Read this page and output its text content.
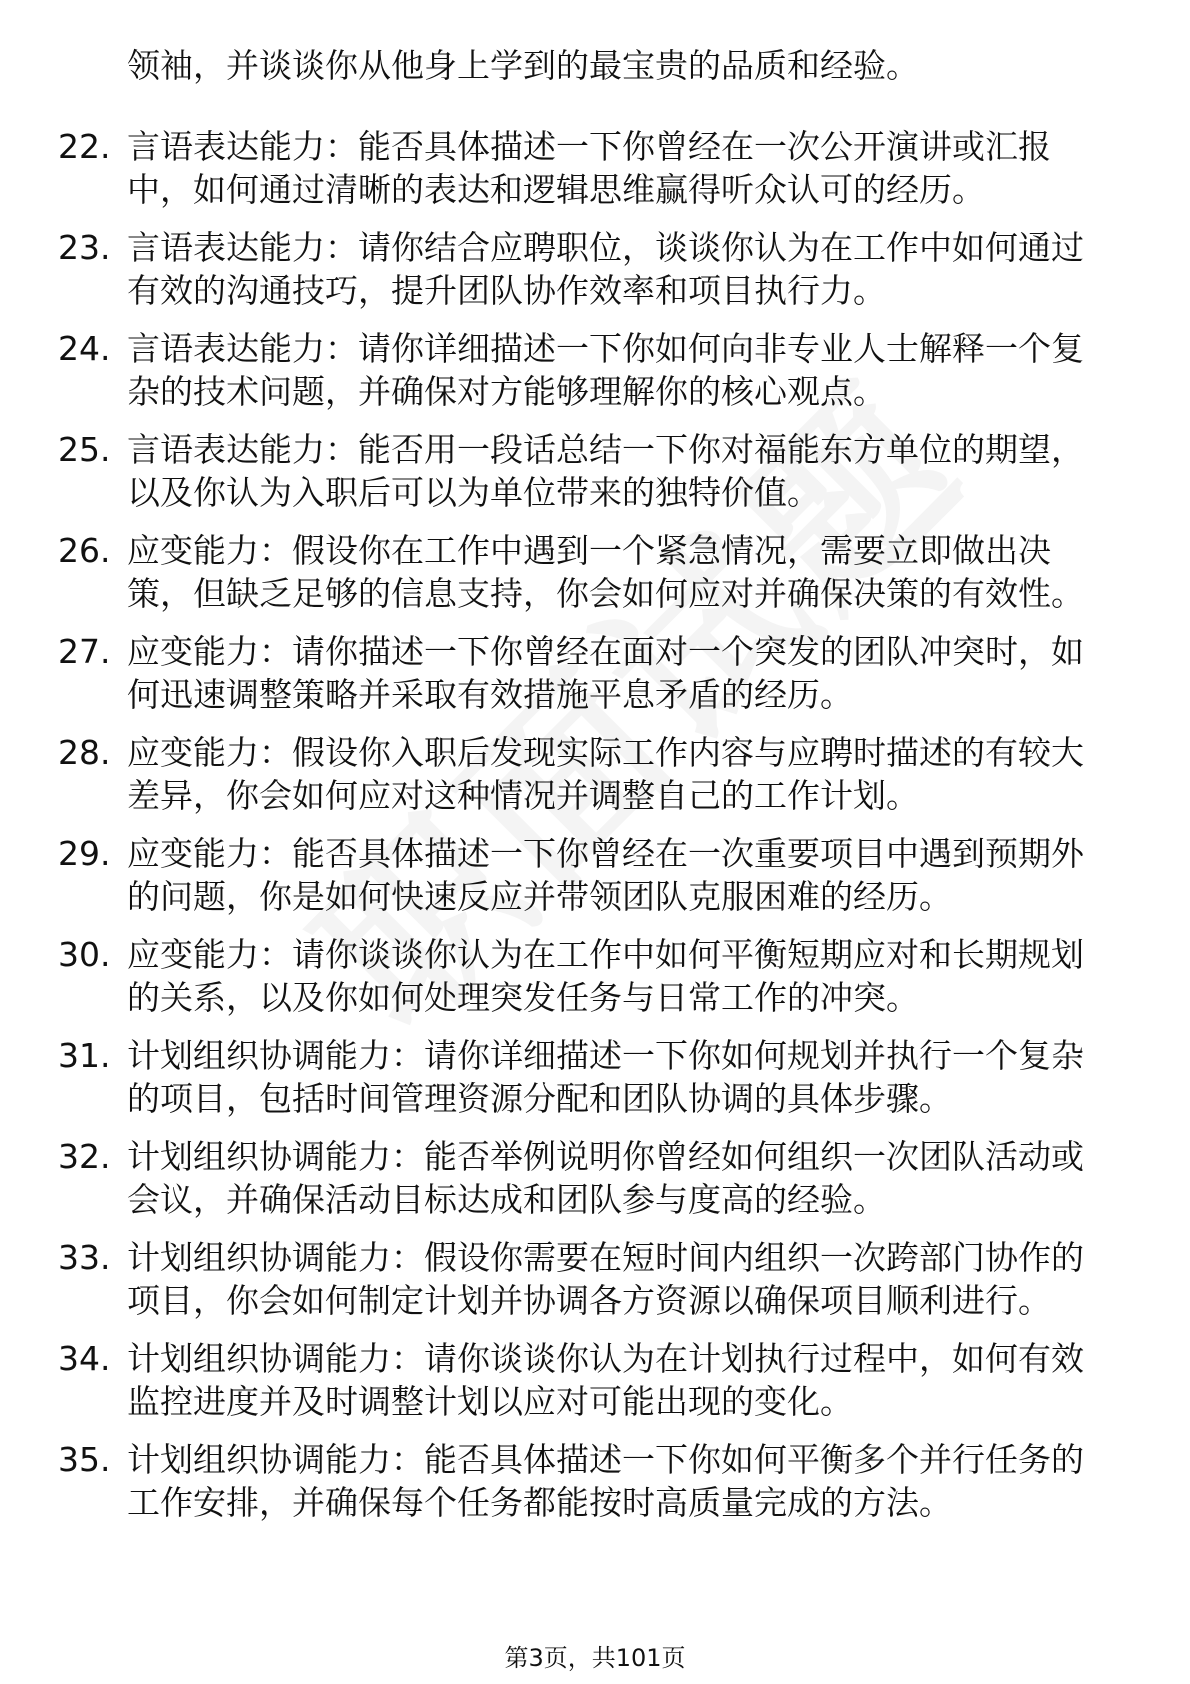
领袖，并谈谈你从他身上学到的最宝贵的品质和经验。

22. 言语表达能力：能否具体描述一下你曾经在一次公开演讲或汇报中，如何通过清晰的表达和逻辑思维赢得听众认可的经历。
23. 言语表达能力：请你结合应聘职位，谈谈你认为在工作中如何通过有效的沟通技巧，提升团队协作效率和项目执行力。
24. 言语表达能力：请你详细描述一下你如何向非专业人士解释一个复杂的技术问题，并确保对方能够理解你的核心观点。
25. 言语表达能力：能否用一段话总结一下你对福能东方单位的期望，以及你认为入职后可以为单位带来的独特价值。
26. 应变能力：假设你在工作中遇到一个紧急情况，需要立即做出决策，但缺乏足够的信息支持，你会如何应对并确保决策的有效性。
27. 应变能力：请你描述一下你曾经在面对一个突发的团队冲突时，如何迅速调整策略并采取有效措施平息矛盾的经历。
28. 应变能力：假设你入职后发现实际工作内容与应聘时描述的有较大差异，你会如何应对这种情况并调整自己的工作计划。
29. 应变能力：能否具体描述一下你曾经在一次重要项目中遇到预期外的问题，你是如何快速反应并带领团队克服困难的经历。
30. 应变能力：请你谈谈你认为在工作中如何平衡短期应对和长期规划的关系，以及你如何处理突发任务与日常工作的冲突。
31. 计划组织协调能力：请你详细描述一下你如何规划并执行一个复杂的项目，包括时间管理资源分配和团队协调的具体步骤。
32. 计划组织协调能力：能否举例说明你曾经如何组织一次团队活动或会议，并确保活动目标达成和团队参与度高的经验。
33. 计划组织协调能力：假设你需要在短时间内组织一次跨部门协作的项目，你会如何制定计划并协调各方资源以确保项目顺利进行。
34. 计划组织协调能力：请你谈谈你认为在计划执行过程中，如何有效监控进度并及时调整计划以应对可能出现的变化。
35. 计划组织协调能力：能否具体描述一下你如何平衡多个并行任务的工作安排，并确保每个任务都能按时高质量完成的方法。
第3页，共101页
